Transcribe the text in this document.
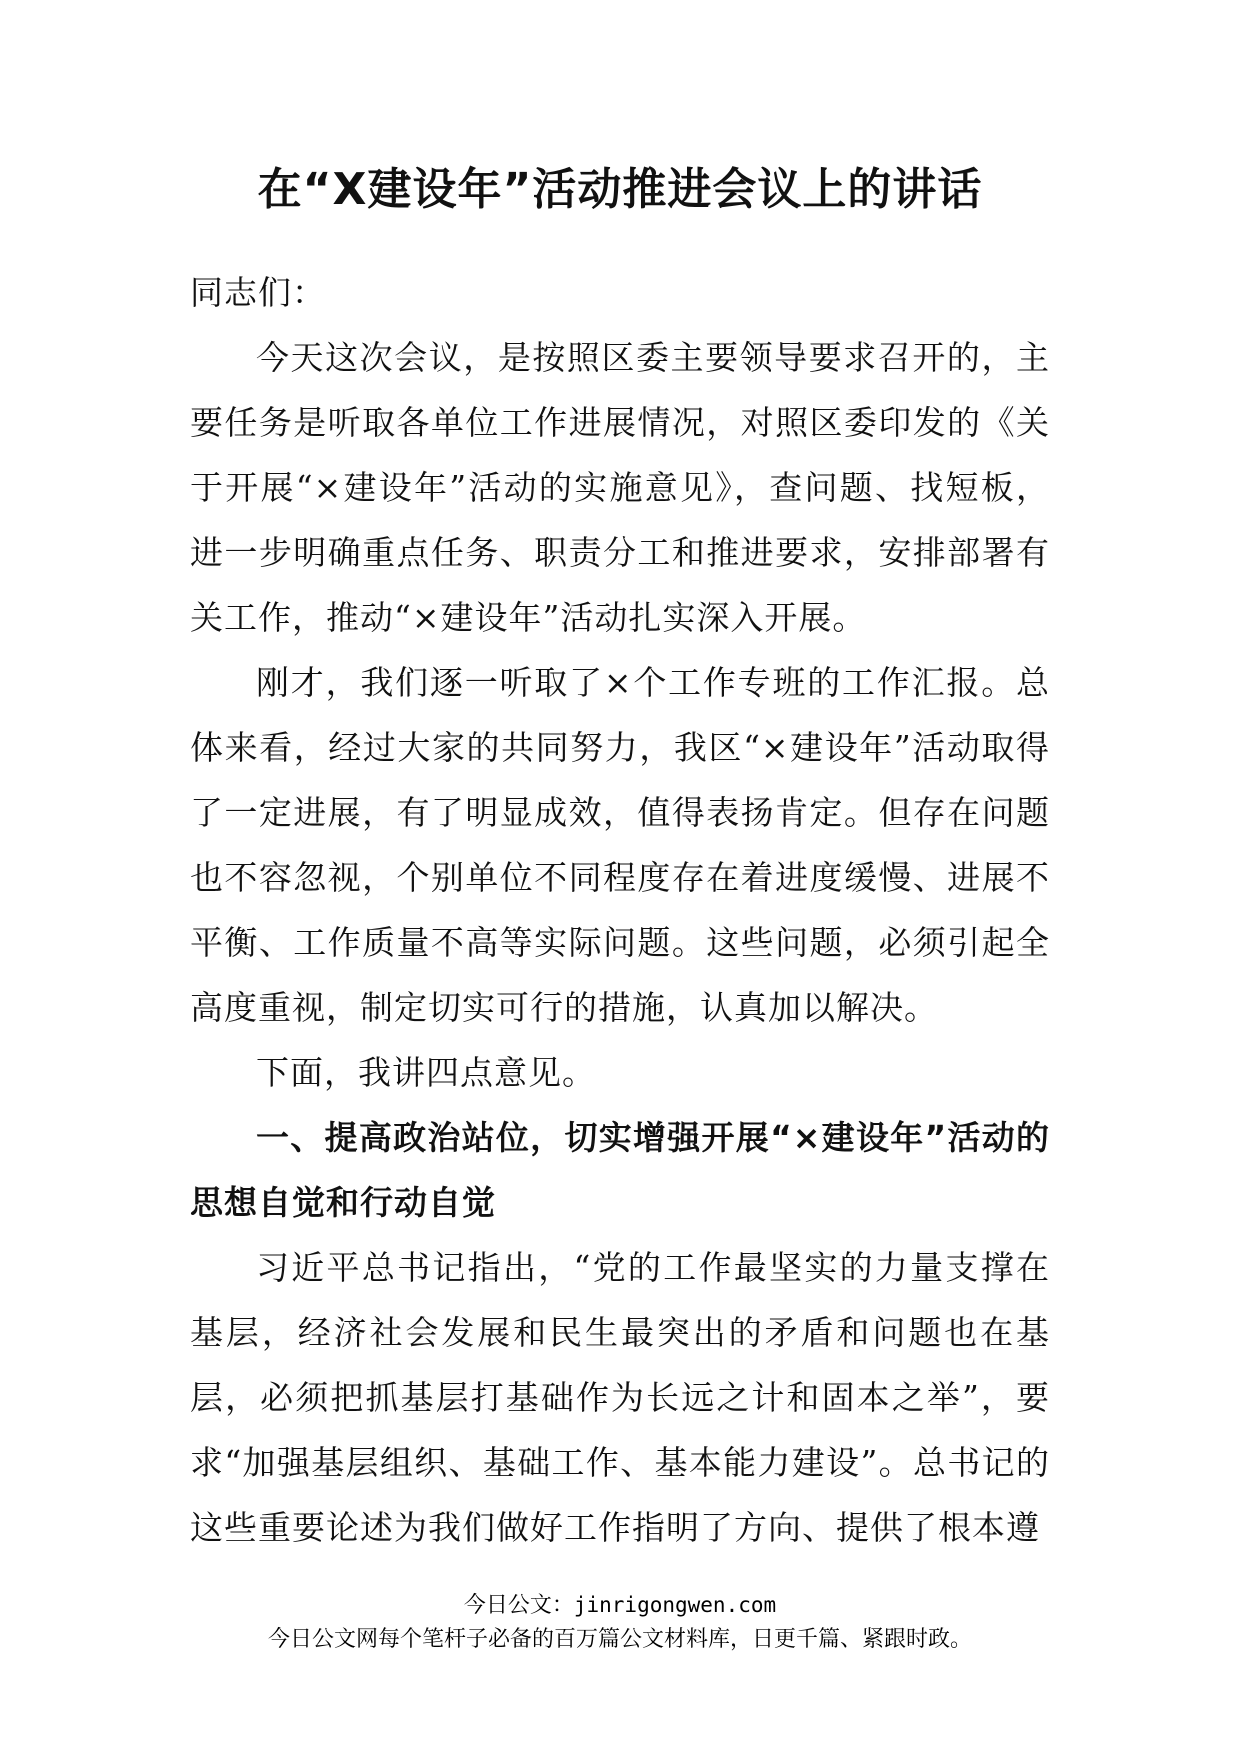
在“X建设年”活动推进会议上的讲话

同志们：

今天这次会议，是按照区委主要领导要求召开的，主要任务是听取各单位工作进展情况，对照区委印发的《关于开展“×建设年”活动的实施意见》，查问题、找短板，进一步明确重点任务、职责分工和推进要求，安排部署有关工作，推动“×建设年”活动扎实深入开展。

刚才，我们逐一听取了×个工作专班的工作汇报。总体来看，经过大家的共同努力，我区“×建设年”活动取得了一定进展，有了明显成效，值得表扬肯定。但存在问题也不容忽视，个别单位不同程度存在着进度缓慢、进展不平衡、工作质量不高等实际问题。这些问题，必须引起全高度重视，制定切实可行的措施，认真加以解决。

下面，我讲四点意见。

一、提高政治站位，切实增强开展“×建设年”活动的思想自觉和行动自觉

习近平总书记指出，“党的工作最坚实的力量支撑在基层，经济社会发展和民生最突出的矛盾和问题也在基层，必须把抓基层打基础作为长远之计和固本之举”，要求“加强基层组织、基础工作、基本能力建设”。总书记的这些重要论述为我们做好工作指明了方向、提供了根本遵

今日公文：jinrigongwen.com
今日公文网每个笔杆子必备的百万篇公文材料库，日更千篇、紧跟时政。
